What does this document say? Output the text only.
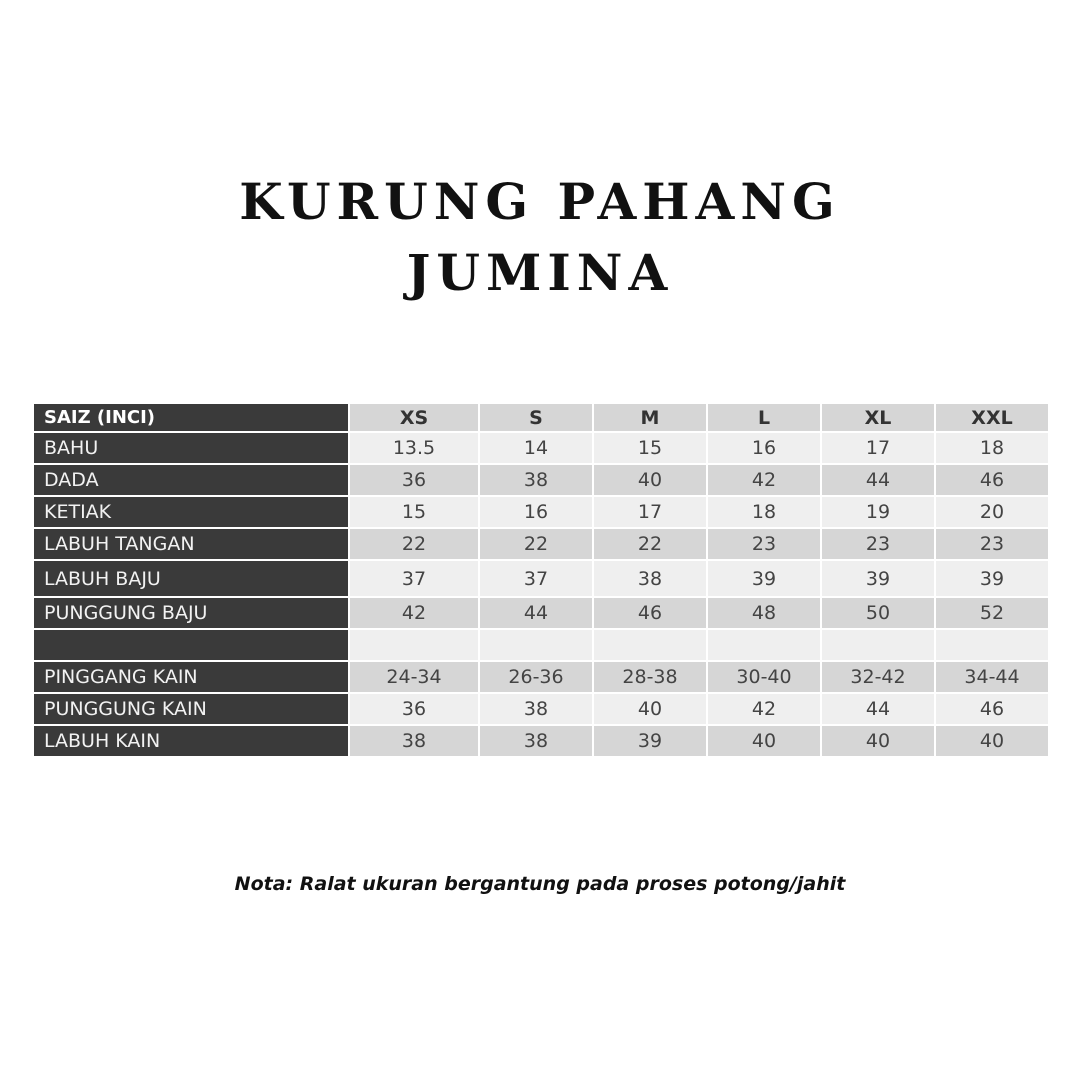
KURUNG PAHANG
JUMINA
SAIZ (INCI)	XS	S	M	L	XL	XXL
BAHU	13.5	14	15	16	17	18
DADA	36	38	40	42	44	46
KETIAK	15	16	17	18	19	20
LABUH TANGAN	22	22	22	23	23	23
LABUH BAJU	37	37	38	39	39	39
PUNGGUNG BAJU	42	44	46	48	50	52

PINGGANG KAIN	24-34	26-36	28-38	30-40	32-42	34-44
PUNGGUNG KAIN	36	38	40	42	44	46
LABUH KAIN	38	38	39	40	40	40
Nota: Ralat ukuran bergantung pada proses potong/jahit
